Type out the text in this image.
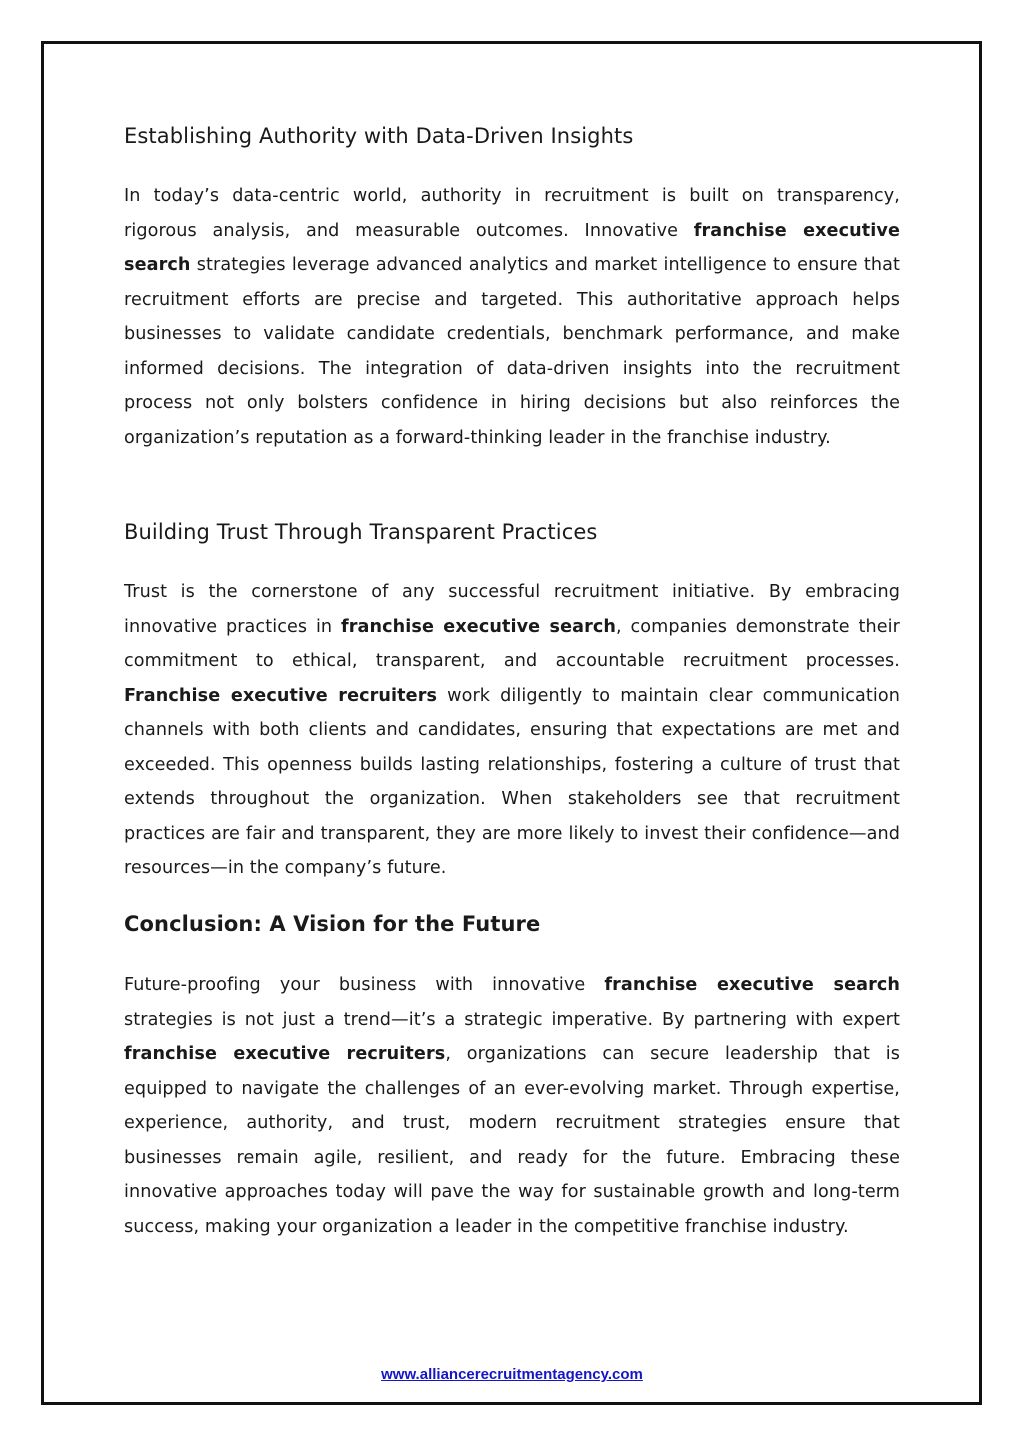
Establishing Authority with Data-Driven Insights

In today’s data-centric world, authority in recruitment is built on transparency, rigorous analysis, and measurable outcomes. Innovative franchise executive search strategies leverage advanced analytics and market intelligence to ensure that recruitment efforts are precise and targeted. This authoritative approach helps businesses to validate candidate credentials, benchmark performance, and make informed decisions. The integration of data-driven insights into the recruitment process not only bolsters confidence in hiring decisions but also reinforces the organization’s reputation as a forward-thinking leader in the franchise industry.

Building Trust Through Transparent Practices

Trust is the cornerstone of any successful recruitment initiative. By embracing innovative practices in franchise executive search, companies demonstrate their commitment to ethical, transparent, and accountable recruitment processes. Franchise executive recruiters work diligently to maintain clear communication channels with both clients and candidates, ensuring that expectations are met and exceeded. This openness builds lasting relationships, fostering a culture of trust that extends throughout the organization. When stakeholders see that recruitment practices are fair and transparent, they are more likely to invest their confidence—and resources—in the company’s future.

Conclusion: A Vision for the Future

Future-proofing your business with innovative franchise executive search strategies is not just a trend—it’s a strategic imperative. By partnering with expert franchise executive recruiters, organizations can secure leadership that is equipped to navigate the challenges of an ever-evolving market. Through expertise, experience, authority, and trust, modern recruitment strategies ensure that businesses remain agile, resilient, and ready for the future. Embracing these innovative approaches today will pave the way for sustainable growth and long-term success, making your organization a leader in the competitive franchise industry.

www.alliancerecruitmentagency.com
